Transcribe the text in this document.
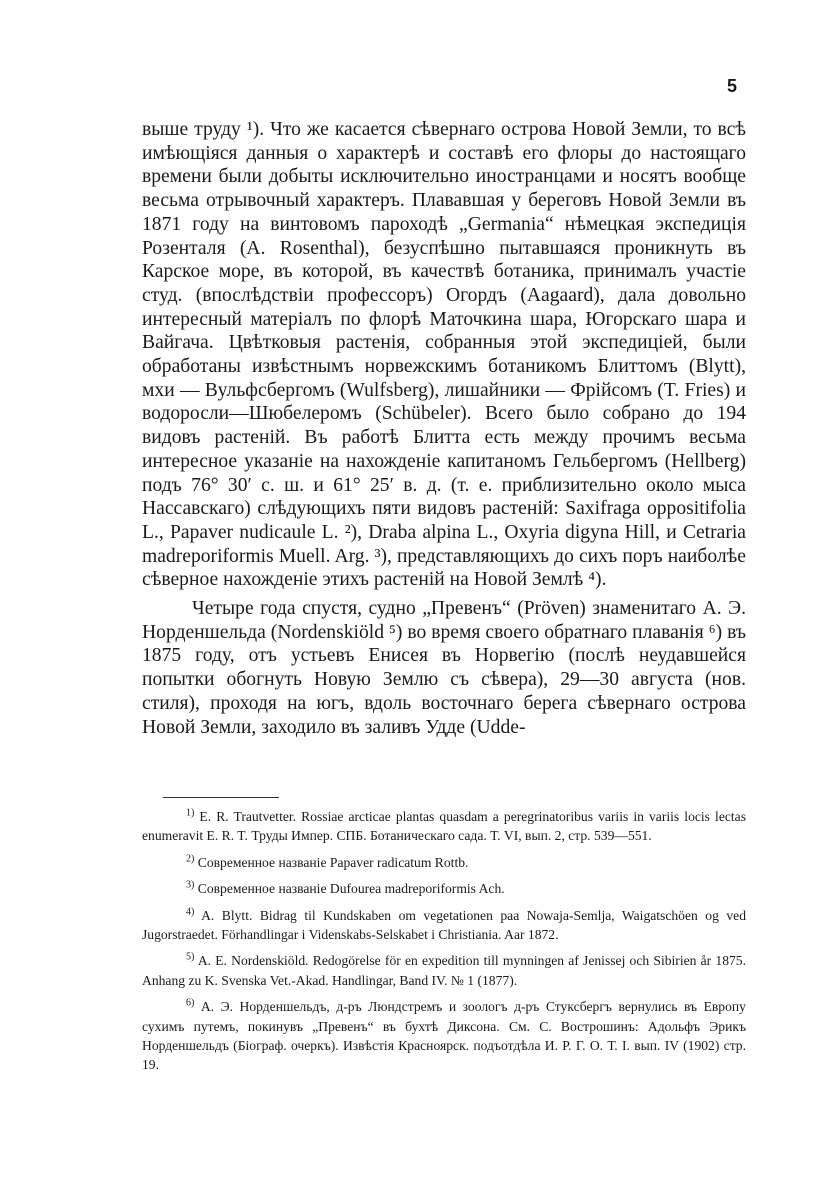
5

выше труду ¹). Что же касается сѣвернаго острова Новой Земли, то всѣ имѣющіяся данныя о характерѣ и составѣ его флоры до настоящаго времени были добыты исключительно иностранцами и носятъ вообще весьма отрывочный характеръ. Плававшая у береговъ Новой Земли въ 1871 году на винтовомъ пароходѣ „Germania“ нѣмецкая экспедиція Розенталя (A. Rosenthal), безуспѣшно пытавшаяся проникнуть въ Карское море, въ которой, въ качествѣ ботаника, принималъ участіе студ. (впослѣдствіи профессоръ) Огордъ (Aagaard), дала довольно интересный матеріалъ по флорѣ Маточкина шара, Югорскаго шара и Вайгача. Цвѣтковыя растенія, собранныя этой экспедиціей, были обработаны извѣстнымъ норвежскимъ ботаникомъ Блиттомъ (Blytt), мхи — Вульфсбергомъ (Wulfsberg), лишайники — Фрійсомъ (T. Fries) и водоросли—Шюбелеромъ (Schübeler). Всего было собрано до 194 видовъ растеній. Въ работѣ Блитта есть между прочимъ весьма интересное указаніе на нахожденіе капитаномъ Гельбергомъ (Hellberg) подъ 76° 30′ с. ш. и 61° 25′ в. д. (т. е. приблизительно около мыса Нассавскаго) слѣдующихъ пяти видовъ растеній: Saxifraga oppositifolia L., Papaver nudicaule L. ²), Draba alpina L., Oxyria digyna Hill, и Cetraria madreporiformis Muell. Arg. ³), представляющихъ до сихъ поръ наиболѣе сѣверное нахожденіе этихъ растеній на Новой Землѣ ⁴).

Четыре года спустя, судно „Превенъ“ (Pröven) знаменитаго А. Э. Норденшельда (Nordenskiöld ⁵) во время своего обратнаго плаванія ⁶) въ 1875 году, отъ устьевъ Енисея въ Норвегію (послѣ неудавшейся попытки обогнуть Новую Землю съ сѣвера), 29—30 августа (нов. стиля), проходя на югъ, вдоль восточнаго берега сѣвернаго острова Новой Земли, заходило въ заливъ Удде (Udde-

$^{1)}$ E. R. Trautvetter. Rossiae arcticae plantas quasdam a peregrinatoribus variis in variis locis lectas enumeravit E. R. T. Труды Импер. СПБ. Ботаническаго сада. Т. VI, вып. 2, стр. 539—551.

$^{2)}$ Современное названіе Papaver radicatum Rottb.

$^{3)}$ Современное названіе Dufourea madreporiformis Ach.

$^{4)}$ A. Blytt. Bidrag til Kundskaben om vegetationen paa Nowaja-Semlja, Waigatschöen og ved Jugorstraedet. Förhandlingar i Videnskabs-Selskabet i Christiania. Aar 1872.

$^{5)}$ A. E. Nordenskiöld. Redogörelse för en expedition till mynningen af Jenissej och Sibirien år 1875. Anhang zu K. Svenska Vet.-Akad. Handlingar, Band IV. № 1 (1877).

$^{6)}$ А. Э. Норденшельдъ, д-ръ Люндстремъ и зоологъ д-ръ Стуксбергъ вернулись въ Европу сухимъ путемъ, покинувъ „Превенъ“ въ бухтѣ Диксона. См. С. Вострошинъ: Адольфъ Эрикъ Норденшельдъ (Біограф. очеркъ). Извѣстія Красноярск. подъотдѣла И. Р. Г. О. Т. I. вып. IV (1902) стр. 19.
